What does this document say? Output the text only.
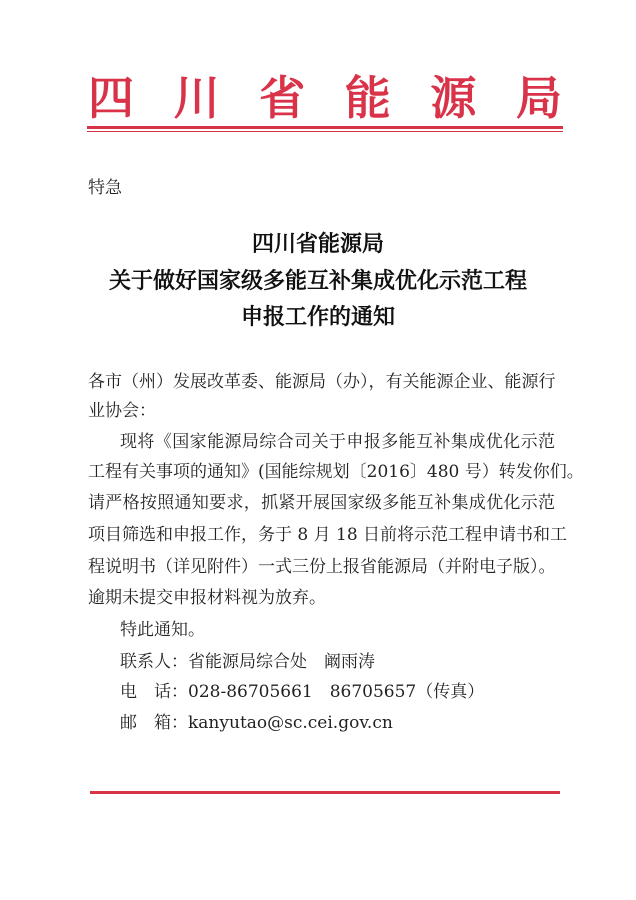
四 川 省 能 源 局
特急
四川省能源局
关于做好国家级多能互补集成优化示范工程
申报工作的通知
各市（州）发展改革委、能源局（办），有关能源企业、能源行
业协会：
现将《国家能源局综合司关于申报多能互补集成优化示范
工程有关事项的通知》(国能综规划〔2016〕480 号）转发你们。
请严格按照通知要求，抓紧开展国家级多能互补集成优化示范
项目筛选和申报工作，务于 8 月 18 日前将示范工程申请书和工
程说明书（详见附件）一式三份上报省能源局（并附电子版）。
逾期未提交申报材料视为放弃。
特此通知。
联系人：省能源局综合处　阚雨涛
电　话：028-86705661　86705657（传真）
邮　箱：kanyutao@sc.cei.gov.cn
